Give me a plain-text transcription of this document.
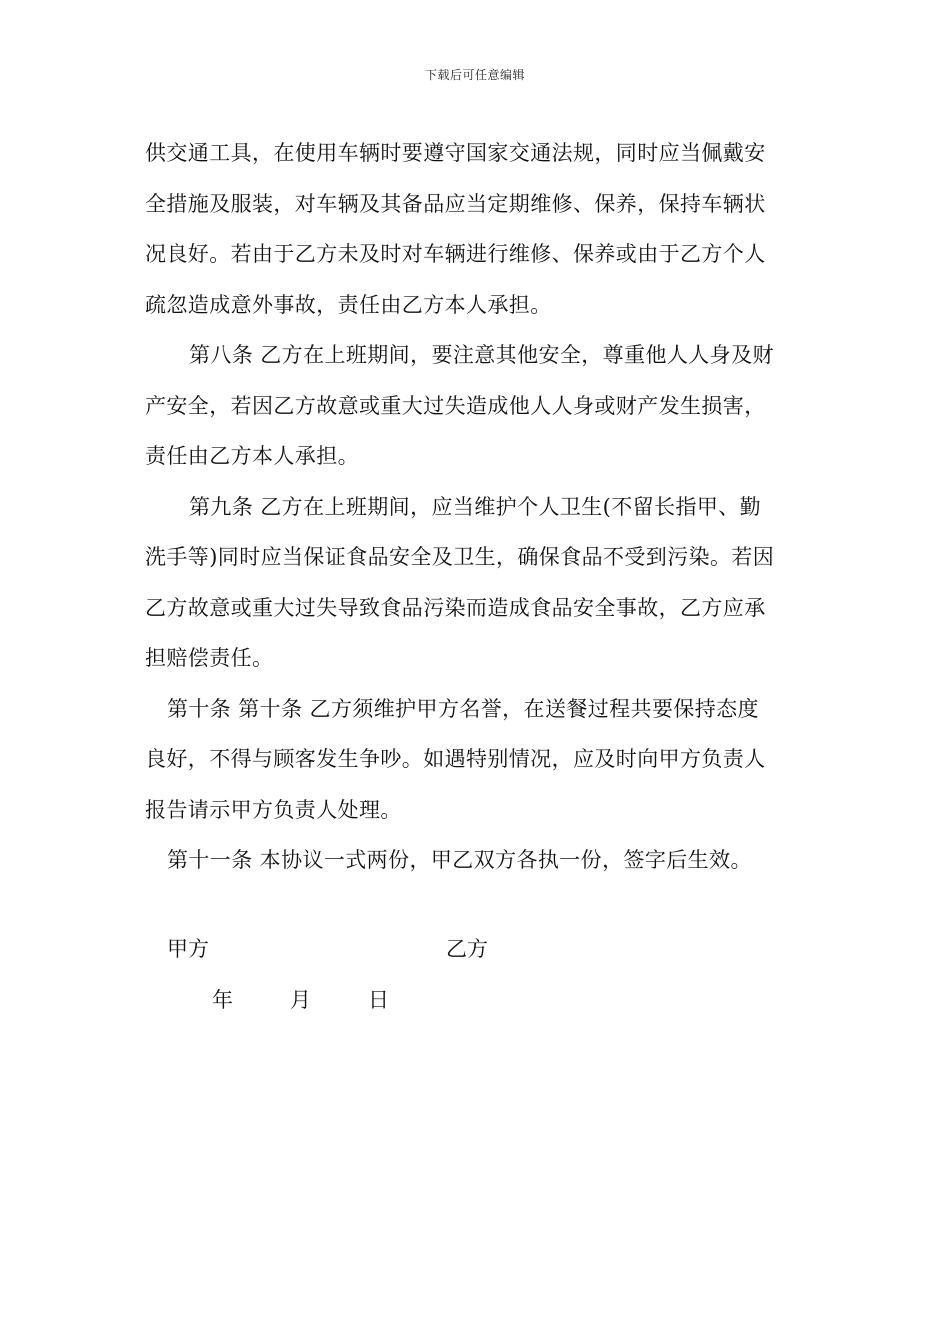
下载后可任意编辑
供交通工具，在使用车辆时要遵守国家交通法规，同时应当佩戴安
全措施及服装，对车辆及其备品应当定期维修、保养，保持车辆状
况良好。若由于乙方未及时对车辆进行维修、保养或由于乙方个人
疏忽造成意外事故，责任由乙方本人承担。
第八条 乙方在上班期间，要注意其他安全，尊重他人人身及财
产安全，若因乙方故意或重大过失造成他人人身或财产发生损害，
责任由乙方本人承担。
第九条 乙方在上班期间，应当维护个人卫生(不留长指甲、勤
洗手等)同时应当保证食品安全及卫生，确保食品不受到污染。若因
乙方故意或重大过失导致食品污染而造成食品安全事故，乙方应承
担赔偿责任。
第十条 第十条 乙方须维护甲方名誉，在送餐过程共要保持态度
良好，不得与顾客发生争吵。如遇特别情况，应及时向甲方负责人
报告请示甲方负责人处理。
第十一条 本协议一式两份，甲乙双方各执一份，签字后生效。
甲方	乙方
年	月	日
